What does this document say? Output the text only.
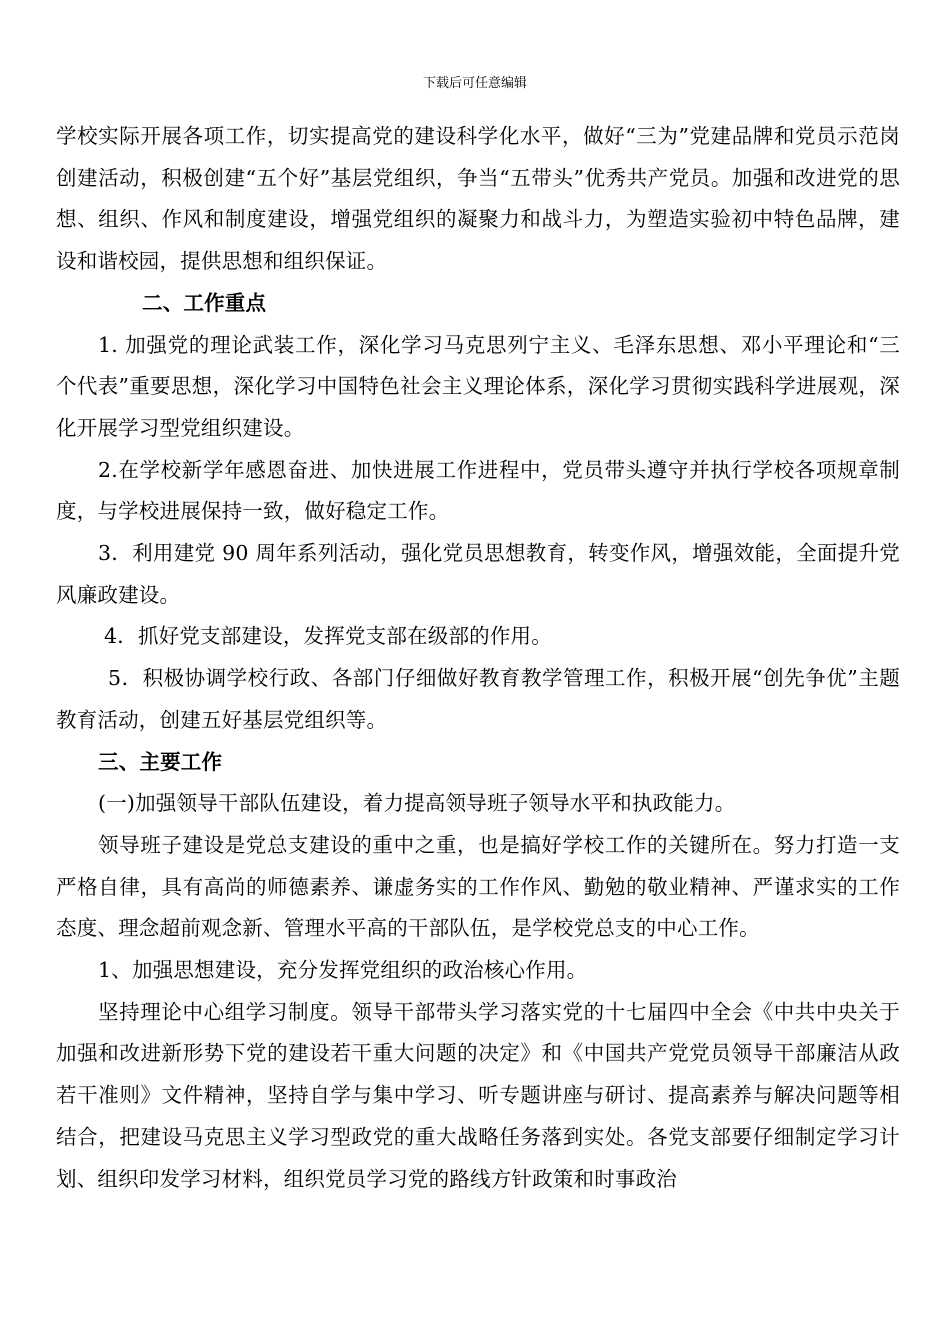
下载后可任意编辑

学校实际开展各项工作，切实提高党的建设科学化水平，做好“三为”党建品牌和党员示范岗创建活动，积极创建“五个好”基层党组织，争当“五带头”优秀共产党员。加强和改进党的思想、组织、作风和制度建设，增强党组织的凝聚力和战斗力，为塑造实验初中特色品牌，建设和谐校园，提供思想和组织保证。

二、工作重点

1. 加强党的理论武装工作，深化学习马克思列宁主义、毛泽东思想、邓小平理论和“三个代表”重要思想，深化学习中国特色社会主义理论体系，深化学习贯彻实践科学进展观，深化开展学习型党组织建设。

2.在学校新学年感恩奋进、加快进展工作进程中，党员带头遵守并执行学校各项规章制度，与学校进展保持一致，做好稳定工作。

3．利用建党 90 周年系列活动，强化党员思想教育，转变作风，增强效能，全面提升党风廉政建设。

4．抓好党支部建设，发挥党支部在级部的作用。

5．积极协调学校行政、各部门仔细做好教育教学管理工作，积极开展“创先争优”主题教育活动，创建五好基层党组织等。

三、主要工作

(一)加强领导干部队伍建设，着力提高领导班子领导水平和执政能力。

领导班子建设是党总支建设的重中之重，也是搞好学校工作的关键所在。努力打造一支严格自律，具有高尚的师德素养、谦虚务实的工作作风、勤勉的敬业精神、严谨求实的工作态度、理念超前观念新、管理水平高的干部队伍，是学校党总支的中心工作。

1、加强思想建设，充分发挥党组织的政治核心作用。

坚持理论中心组学习制度。领导干部带头学习落实党的十七届四中全会《中共中央关于加强和改进新形势下党的建设若干重大问题的决定》和《中国共产党党员领导干部廉洁从政若干准则》文件精神，坚持自学与集中学习、听专题讲座与研讨、提高素养与解决问题等相结合，把建设马克思主义学习型政党的重大战略任务落到实处。各党支部要仔细制定学习计划、组织印发学习材料，组织党员学习党的路线方针政策和时事政治
